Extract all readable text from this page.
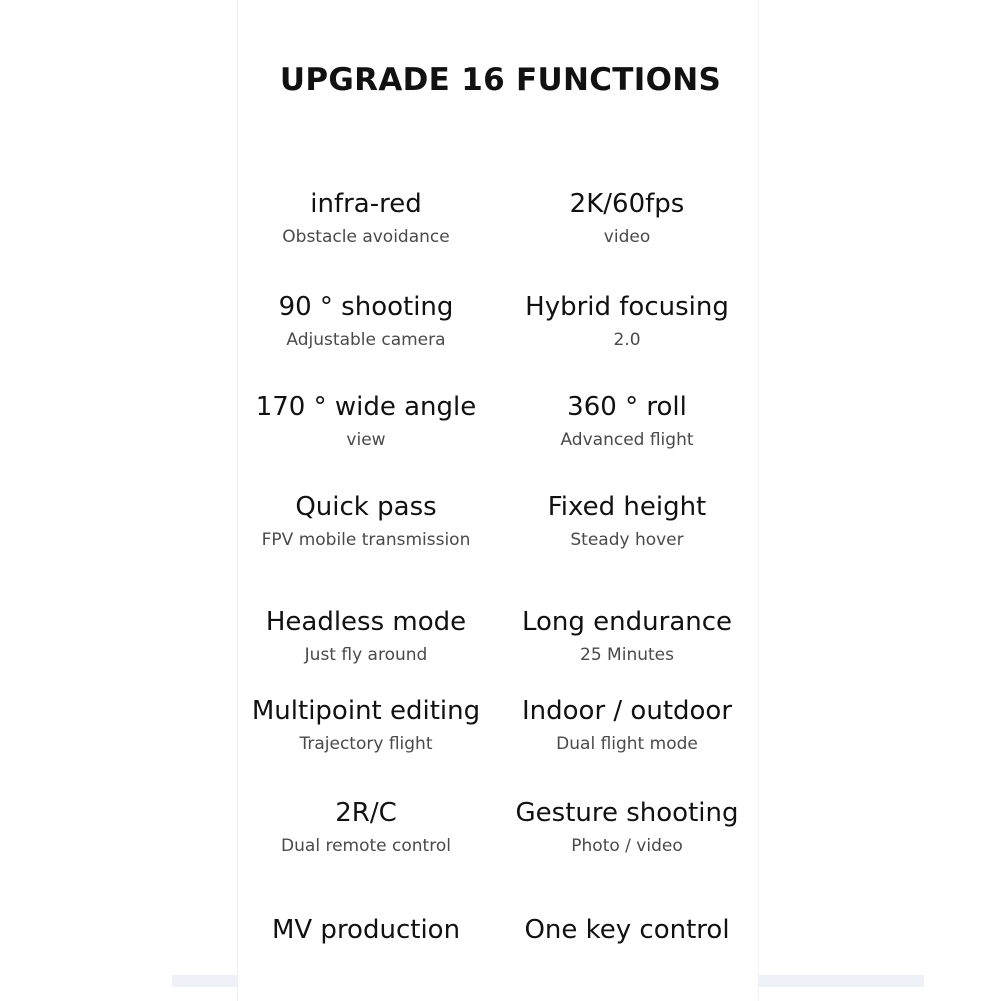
UPGRADE 16 FUNCTIONS
infra-red
Obstacle avoidance
2K/60fps
video
90 ° shooting
Adjustable camera
Hybrid focusing
2.0
170 ° wide angle
view
360 ° roll
Advanced flight
Quick pass
FPV mobile transmission
Fixed height
Steady hover
Headless mode
Just fly around
Long endurance
25 Minutes
Multipoint editing
Trajectory flight
Indoor / outdoor
Dual flight mode
2R/C
Dual remote control
Gesture shooting
Photo / video
MV production	One key control
